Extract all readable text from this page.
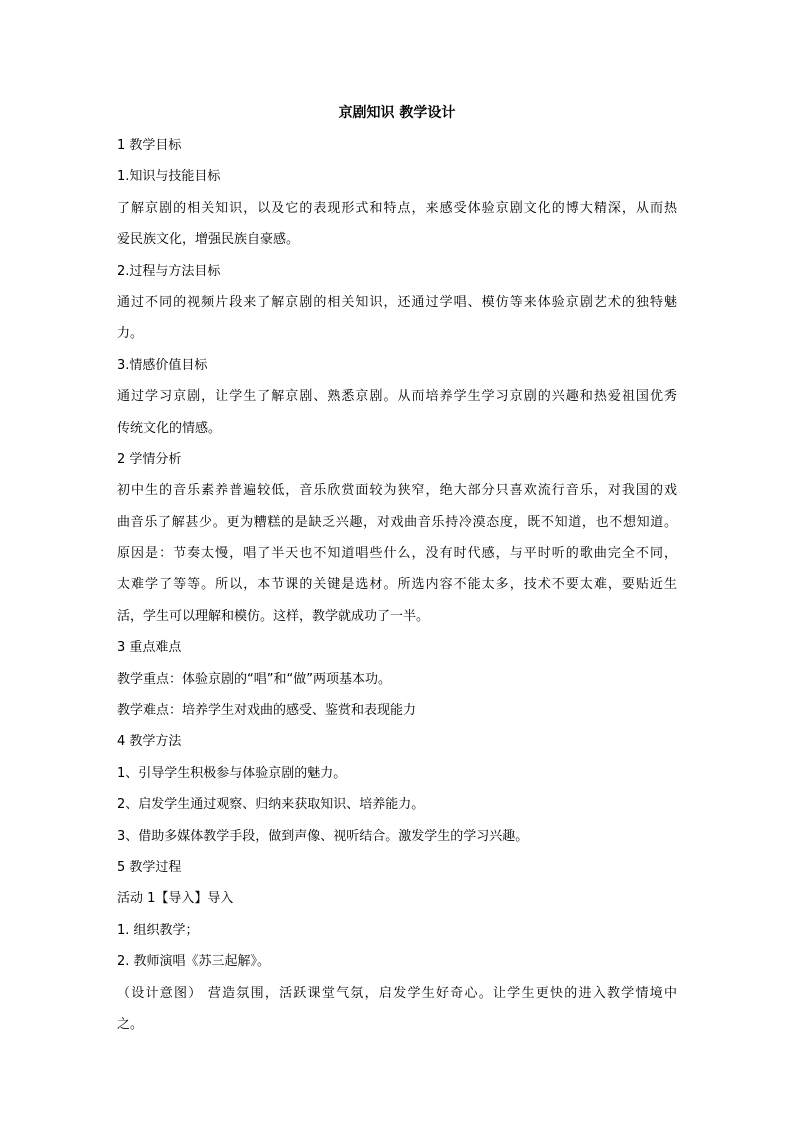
京剧知识 教学设计
1 教学目标
1.知识与技能目标
了解京剧的相关知识，以及它的表现形式和特点，来感受体验京剧文化的博大精深，从而热
爱民族文化，增强民族自豪感。
2.过程与方法目标
通过不同的视频片段来了解京剧的相关知识，还通过学唱、模仿等来体验京剧艺术的独特魅
力。
3.情感价值目标
通过学习京剧，让学生了解京剧、熟悉京剧。从而培养学生学习京剧的兴趣和热爱祖国优秀
传统文化的情感。
2 学情分析
初中生的音乐素养普遍较低，音乐欣赏面较为狭窄，绝大部分只喜欢流行音乐，对我国的戏
曲音乐了解甚少。更为糟糕的是缺乏兴趣，对戏曲音乐持冷漠态度，既不知道，也不想知道。
原因是：节奏太慢，唱了半天也不知道唱些什么，没有时代感，与平时听的歌曲完全不同，
太难学了等等。所以，本节课的关键是选材。所选内容不能太多，技术不要太难，要贴近生
活，学生可以理解和模仿。这样，教学就成功了一半。
3 重点难点
教学重点：体验京剧的“唱”和“做”两项基本功。
教学难点：培养学生对戏曲的感受、鉴赏和表现能力
4 教学方法
1、引导学生积极参与体验京剧的魅力。
2、启发学生通过观察、归纳来获取知识、培养能力。
3、借助多媒体教学手段，做到声像、视听结合。激发学生的学习兴趣。
5 教学过程
活动 1【导入】导入
1. 组织教学；
2. 教师演唱《苏三起解》。
（设计意图） 营造氛围，活跃课堂气氛，启发学生好奇心。让学生更快的进入教学情境中
之。
